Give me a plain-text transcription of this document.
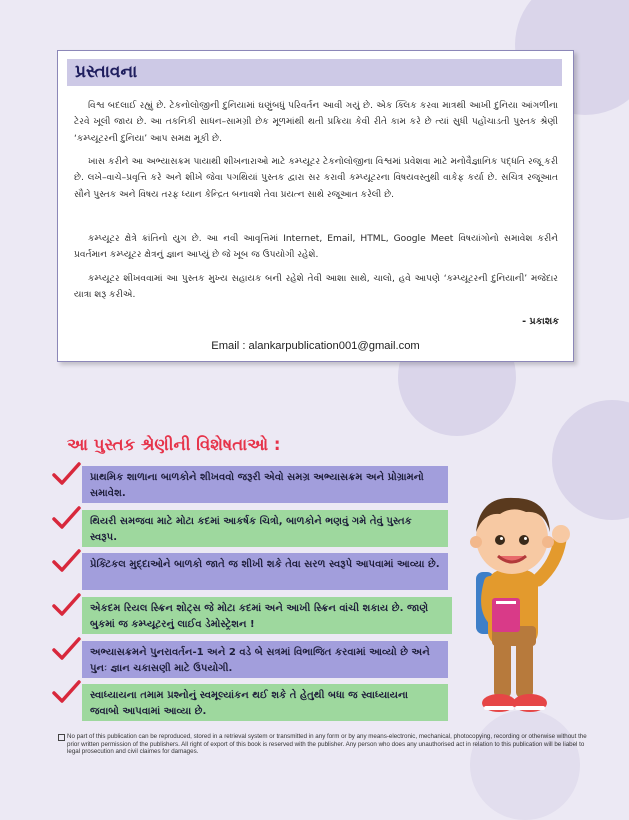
પ્રસ્તાવના

વિશ્વ બદલાઈ રહ્યું છે. ટેકનોલોજીની દુનિયામાં ઘણુંબધું પરિવર્તન આવી ગયું છે. એક ક્લિક કરવા માત્રથી આખી દુનિયા આંગળીના ટેરવે ખૂલી જાય છે. આ તકનિકી સાધન–સામગ્રી છેક મૂળમાંથી થતી પ્રક્રિયા કેવી રીતે કામ કરે છે ત્યાં સુધી પહોંચાડતી પુસ્તક શ્રેણી ‘કમ્પ્યૂટરની દુનિયા’ આપ સમક્ષ મૂકી છે.

ખાસ કરીને આ અભ્યાસક્રમ પાયાથી શીખનારાઓ માટે કમ્પ્યૂટર ટેકનોલોજીના વિશ્વમાં પ્રવેશવા માટે મનોવૈજ્ઞાનિક પદ્ધતિ રજૂ કરી છે. લખે–વાચે–પ્રવૃત્તિ કરે અને શીખે જેવા પગથિયાં પુસ્તક દ્વારા સર કરાવી કમ્પ્યૂટરના વિષયવસ્તુથી વાકેફ કર્યા છે. સચિત્ર રજૂઆત સૌને પુસ્તક અને વિષય તરફ ધ્યાન કેન્દ્રિત બનાવશે તેવા પ્રયત્ન સાથે રજૂઆત કરેલી છે.

કમ્પ્યૂટર ક્ષેત્રે ક્રાંતિનો યુગ છે. આ નવી આવૃત્તિમાં Internet, Email, HTML, Google Meet વિષયાંગોનો સમાવેશ કરીને પ્રવર્તમાન કમ્પ્યૂટર ક્ષેત્રનું જ્ઞાન આપ્યું છે જે ખૂબ જ ઉપયોગી રહેશે.

કમ્પ્યૂટર શીખવવામાં આ પુસ્તક મુખ્ય સહાયક બની રહેશે તેવી આશા સાથે, ચાલો, હવે આપણે ‘કમ્પ્યૂટરની દુનિયાની’ મજેદાર યાત્રા શરૂ કરીએ.

- પ્રકાશક
Email : alankarpublication001@gmail.com
આ પુસ્તક શ્રેણીની વિશેષતાઓ :
પ્રાથમિક શાળાના બાળકોને શીખવવો જરૂરી એવો સમગ્ર અભ્યાસક્રમ અને પ્રોગ્રામનો સમાવેશ.
થિયરી સમજવા માટે મોટા કદમાં આકર્ષક ચિત્રો, બાળકોને ભણવું ગમે તેવું પુસ્તક સ્વરૂપ.
પ્રેક્ટિકલ મુદ્દાઓને બાળકો જાતે જ શીખી શકે તેવા સરળ સ્વરૂપે આપવામાં આવ્યા છે.
એકદમ રિયલ સ્ક્રિન શોટ્સ જે મોટા કદમાં અને આખી સ્ક્રિન વાંચી શકાય છે. જાણે બુકમાં જ કમ્પ્યૂટરનું લાઈવ ડેમોસ્ટ્રેશન !
અભ્યાસક્રમને પુનરાવર્તન-1 અને 2 વડે બે સત્રમાં વિભાજિત કરવામાં આવ્યો છે અને પુનઃ જ્ઞાન ચકાસણી માટે ઉપયોગી.
સ્વાધ્યાયના તમામ પ્રશ્નોનું સ્વમૂલ્યાંકન થઈ શકે તે હેતુથી બધા જ સ્વાધ્યાયના જવાબો આપવામાં આવ્યા છે.
No part of this publication can be reproduced, stored in a retrieval system or transmitted in any form or by any means-electronic, mechanical, photocopying, recording or otherwise without the prior written permission of the publishers. All right of export of this book is reserved with the publisher. Any person who does any unauthorised act in relation to this publication will be liabel to legal prosecution and civil claimes for damages.
